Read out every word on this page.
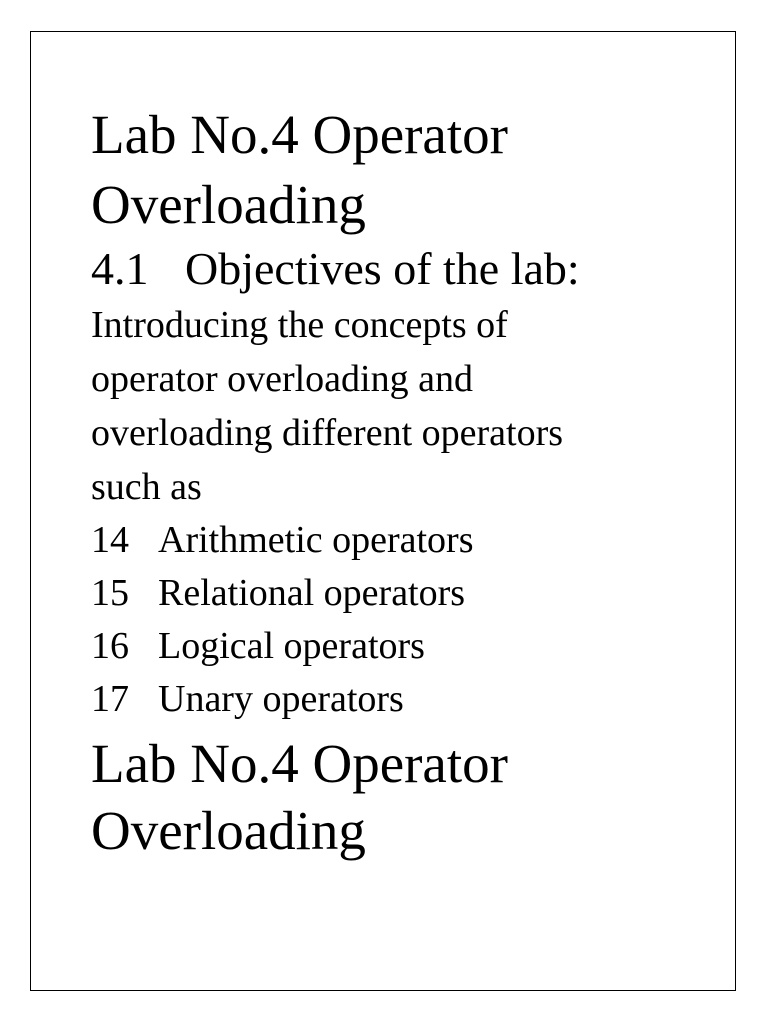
Lab No.4 Operator
Overloading
4.1 Objectives of the lab:

Introducing the concepts of
operator overloading and
overloading different operators
such as

14 Arithmetic operators
15 Relational operators
16 Logical operators
17 Unary operators
Lab No.4 Operator
Overloading
